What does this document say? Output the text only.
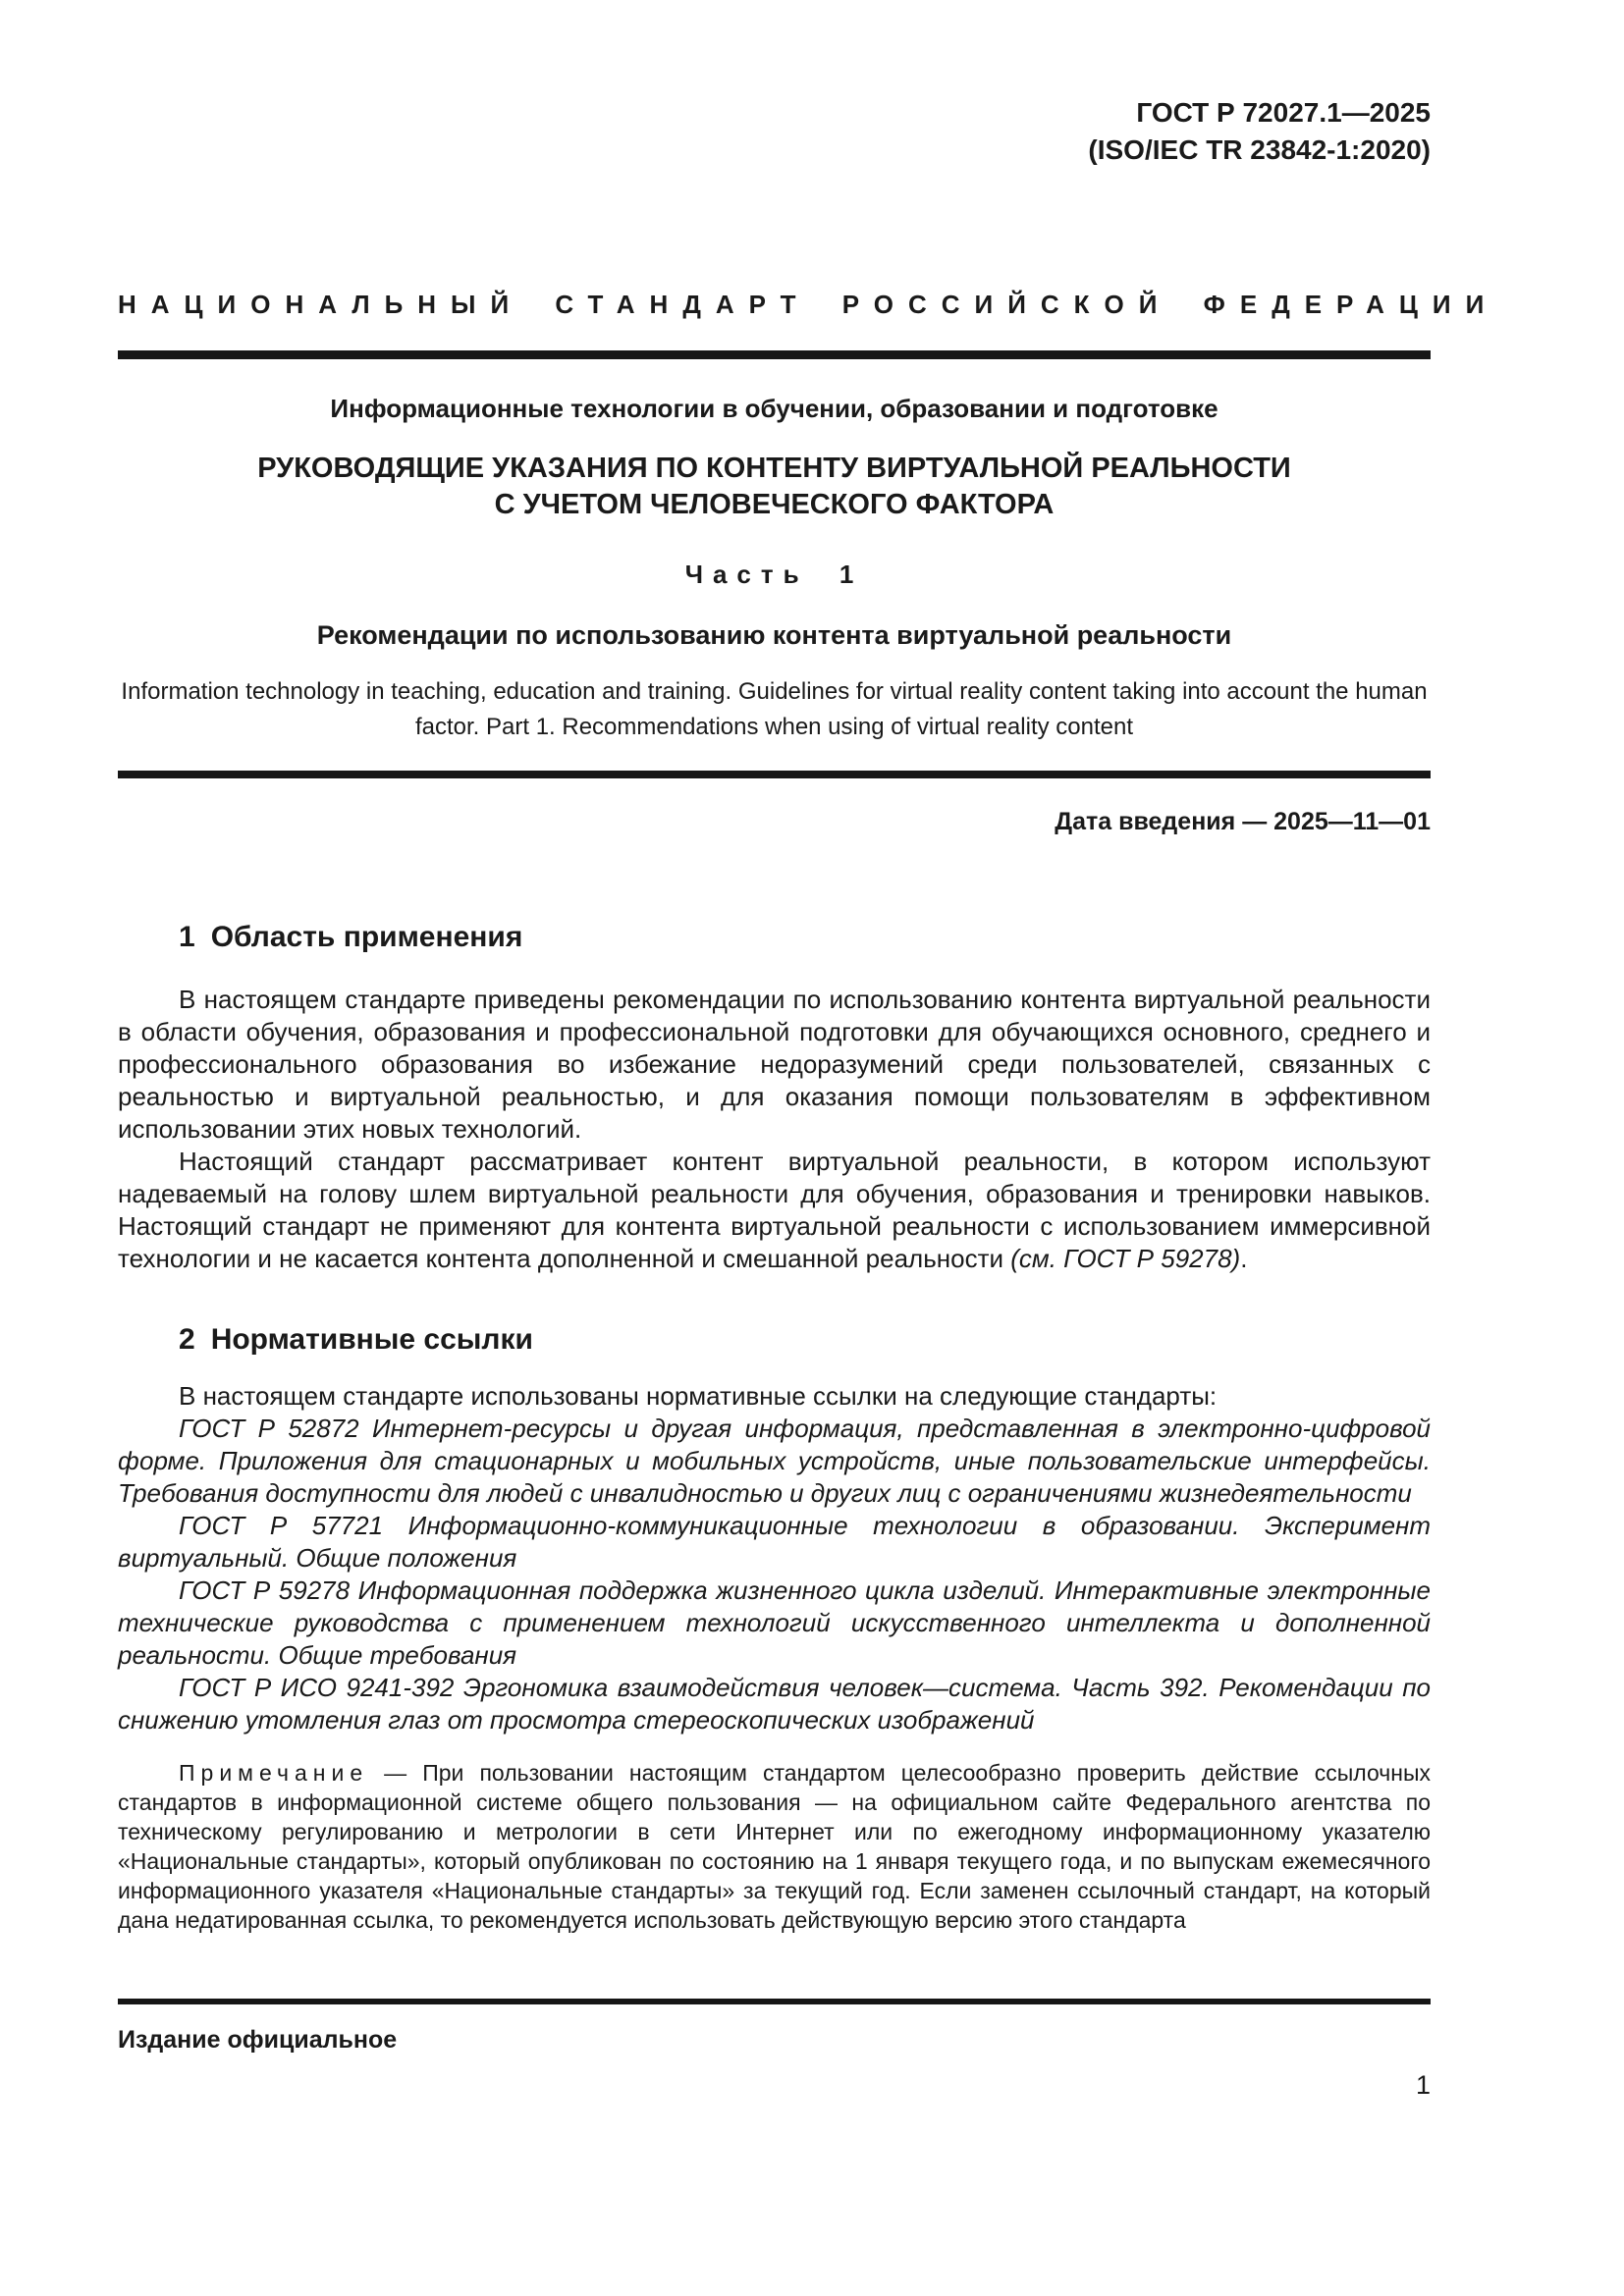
ГОСТ Р 72027.1—2025
(ISO/IEC TR 23842-1:2020)
НАЦИОНАЛЬНЫЙ СТАНДАРТ РОССИЙСКОЙ ФЕДЕРАЦИИ
Информационные технологии в обучении, образовании и подготовке
РУКОВОДЯЩИЕ УКАЗАНИЯ ПО КОНТЕНТУ ВИРТУАЛЬНОЙ РЕАЛЬНОСТИ
С УЧЕТОМ ЧЕЛОВЕЧЕСКОГО ФАКТОРА
Часть 1
Рекомендации по использованию контента виртуальной реальности
Information technology in teaching, education and training. Guidelines for virtual reality content taking into account the human factor. Part 1. Recommendations when using of virtual reality content
Дата введения — 2025—11—01
1 Область применения

В настоящем стандарте приведены рекомендации по использованию контента виртуальной реальности в области обучения, образования и профессиональной подготовки для обучающихся основного, среднего и профессионального образования во избежание недоразумений среди пользователей, связанных с реальностью и виртуальной реальностью, и для оказания помощи пользователям в эффективном использовании этих новых технологий.

Настоящий стандарт рассматривает контент виртуальной реальности, в котором используют надеваемый на голову шлем виртуальной реальности для обучения, образования и тренировки навыков. Настоящий стандарт не применяют для контента виртуальной реальности с использованием иммерсивной технологии и не касается контента дополненной и смешанной реальности (см. ГОСТ Р 59278).

2 Нормативные ссылки

В настоящем стандарте использованы нормативные ссылки на следующие стандарты:

ГОСТ Р 52872 Интернет-ресурсы и другая информация, представленная в электронно-цифровой форме. Приложения для стационарных и мобильных устройств, иные пользовательские интерфейсы. Требования доступности для людей с инвалидностью и других лиц с ограничениями жизнедеятельности

ГОСТ Р 57721 Информационно-коммуникационные технологии в образовании. Эксперимент виртуальный. Общие положения

ГОСТ Р 59278 Информационная поддержка жизненного цикла изделий. Интерактивные электронные технические руководства с применением технологий искусственного интеллекта и дополненной реальности. Общие требования

ГОСТ Р ИСО 9241-392 Эргономика взаимодействия человек—система. Часть 392. Рекомендации по снижению утомления глаз от просмотра стереоскопических изображений

Примечание — При пользовании настоящим стандартом целесообразно проверить действие ссылочных стандартов в информационной системе общего пользования — на официальном сайте Федерального агентства по техническому регулированию и метрологии в сети Интернет или по ежегодному информационному указателю «Национальные стандарты», который опубликован по состоянию на 1 января текущего года, и по выпускам ежемесячного информационного указателя «Национальные стандарты» за текущий год. Если заменен ссылочный стандарт, на который дана недатированная ссылка, то рекомендуется использовать действующую версию этого стандарта

Издание официальное
1
